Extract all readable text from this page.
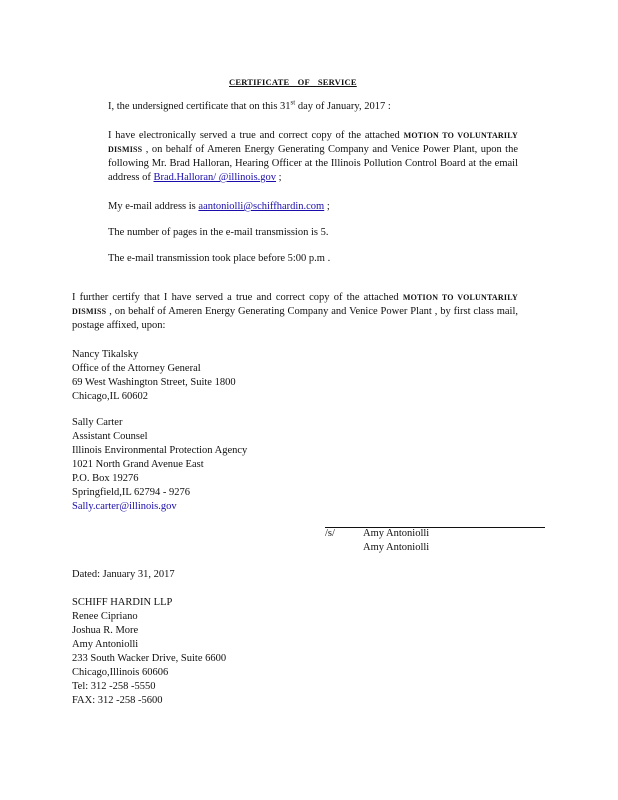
CERTIFICATE OF SERVICE
I, the undersigned certificate that on this 31st day of January, 2017 :

I have electronically served a true and correct copy of the attached MOTION TO VOLUNTARILY DISMISS , on behalf of Ameren Energy Generating Company and Venice Power Plant, upon the following Mr. Brad Halloran, Hearing Officer at the Illinois Pollution Control Board at the email address of Brad.Halloran/ @illinois.gov ;

My e-mail address is aantoniolli@schiffhardin.com ;
The number of pages in the e-mail transmission is 5.
The e-mail transmission took place before 5:00 p.m .

I further certify that I have served a true and correct copy of the attached MOTION TO VOLUNTARILY DISMISS , on behalf of Ameren Energy Generating Company and Venice Power Plant , by first class mail, postage affixed, upon:

Nancy Tikalsky
Office of the Attorney General
69 West Washington Street, Suite 1800
Chicago,IL 60602
Sally Carter
Assistant Counsel
Illinois Environmental Protection Agency
1021 North Grand Avenue East
P.O. Box 19276
Springfield,IL 62794 - 9276
Sally.carter@illinois.gov
/s/	Amy Antoniolli
Amy Antoniolli
Dated: January 31, 2017
SCHIFF HARDIN LLP
Renee Cipriano
Joshua R. More
Amy Antoniolli
233 South Wacker Drive, Suite 6600
Chicago,Illinois 60606
Tel: 312 -258 -5550
FAX: 312 -258 -5600
